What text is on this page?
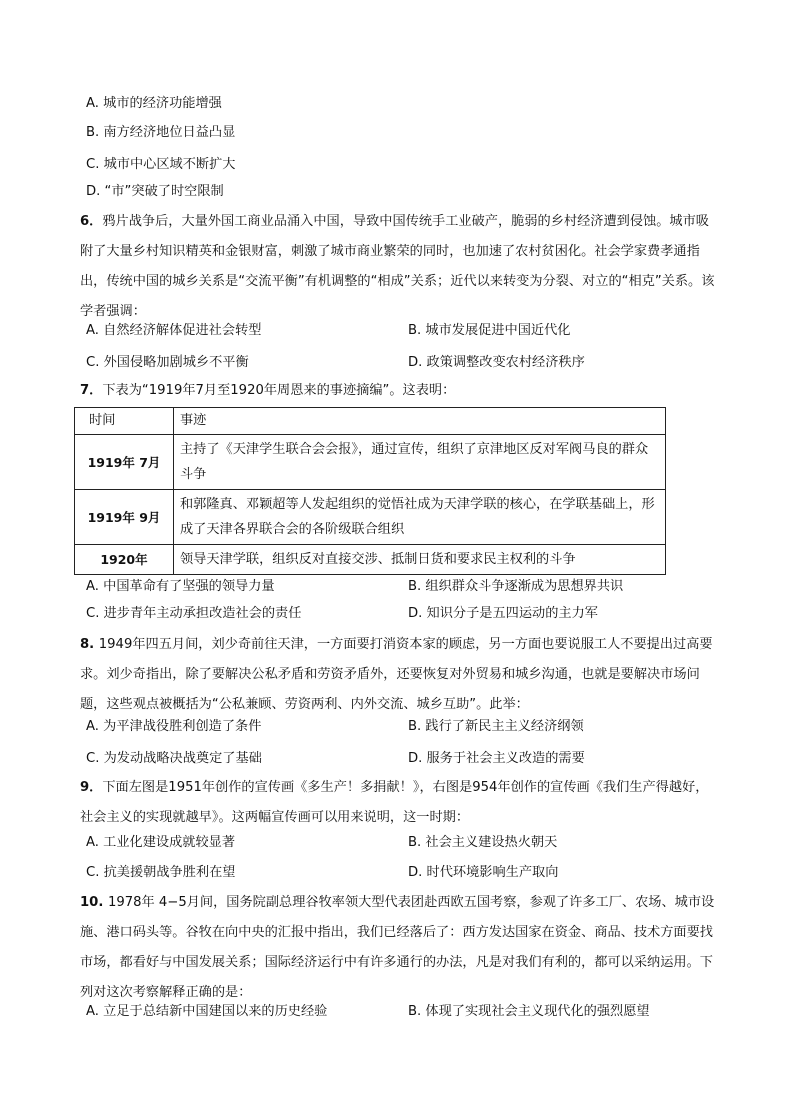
A. 城市的经济功能增强
B. 南方经济地位日益凸显
C. 城市中心区域不断扩大
D. “市”突破了时空限制
6．鸦片战争后，大量外国工商业品涌入中国，导致中国传统手工业破产，脆弱的乡村经济遭到侵蚀。城市吸附了大量乡村知识精英和金银财富，刺激了城市商业繁荣的同时，也加速了农村贫困化。社会学家费孝通指出，传统中国的城乡关系是“交流平衡”有机调整的“相成”关系；近代以来转变为分裂、对立的“相克”关系。该学者强调：
A. 自然经济解体促进社会转型	B. 城市发展促进中国近代化
C. 外国侵略加剧城乡不平衡	D. 政策调整改变农村经济秩序
7．下表为“1919年7月至1920年周恩来的事迹摘编”。这表明：
时间	事迹
1919年 7月	主持了《天津学生联合会会报》，通过宣传，组织了京津地区反对军阀马良的群众斗争
1919年 9月	和郭隆真、邓颖超等人发起组织的觉悟社成为天津学联的核心，在学联基础上，形成了天津各界联合会的各阶级联合组织
1920年	领导天津学联，组织反对直接交涉、抵制日货和要求民主权利的斗争
A. 中国革命有了坚强的领导力量	B. 组织群众斗争逐渐成为思想界共识
C. 进步青年主动承担改造社会的责任	D. 知识分子是五四运动的主力军
8. 1949年四五月间，刘少奇前往天津，一方面要打消资本家的顾虑，另一方面也要说服工人不要提出过高要求。刘少奇指出，除了要解决公私矛盾和劳资矛盾外，还要恢复对外贸易和城乡沟通，也就是要解决市场问题，这些观点被概括为“公私兼顾、劳资两利、内外交流、城乡互助”。此举：
A. 为平津战役胜利创造了条件	B. 践行了新民主主义经济纲领
C. 为发动战略决战奠定了基础	D. 服务于社会主义改造的需要
9．下面左图是1951年创作的宣传画《多生产！多捐献！》，右图是954年创作的宣传画《我们生产得越好，社会主义的实现就越早》。这两幅宣传画可以用来说明，这一时期：
A. 工业化建设成就较显著	B. 社会主义建设热火朝天
C. 抗美援朝战争胜利在望	D. 时代环境影响生产取向
10. 1978年 4−5月间，国务院副总理谷牧率领大型代表团赴西欧五国考察，参观了许多工厂、农场、城市设施、港口码头等。谷牧在向中央的汇报中指出，我们已经落后了：西方发达国家在资金、商品、技术方面要找市场，都看好与中国发展关系；国际经济运行中有许多通行的办法，凡是对我们有利的，都可以采纳运用。下列对这次考察解释正确的是：
A. 立足于总结新中国建国以来的历史经验	B. 体现了实现社会主义现代化的强烈愿望
